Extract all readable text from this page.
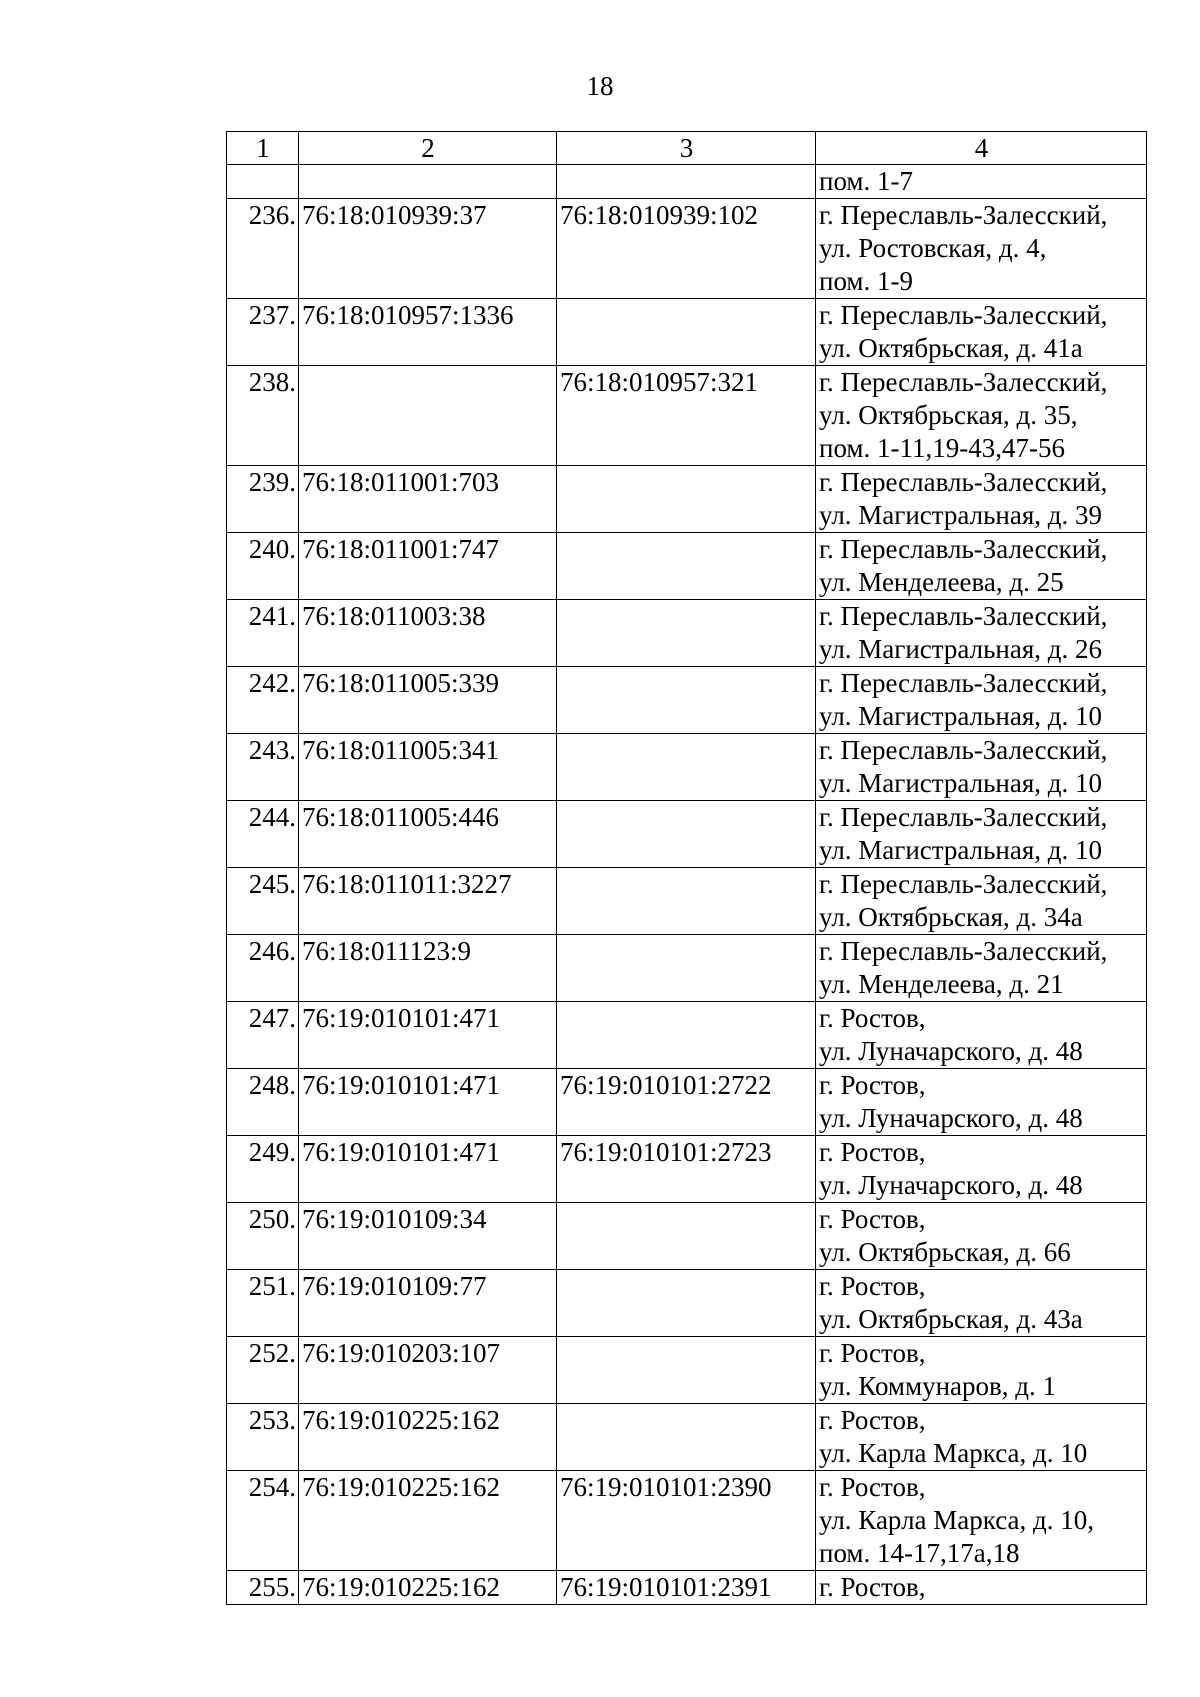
18
1	2	3	4

			пом. 1-7

236.	76:18:010939:37	76:18:010939:102	г. Переславль-Залесский,
ул. Ростовская, д. 4,
пом. 1-9

237.	76:18:010957:1336		г. Переславль-Залесский,
ул. Октябрьская, д. 41а

238.		76:18:010957:321	г. Переславль-Залесский,
ул. Октябрьская, д. 35,
пом. 1-11,19-43,47-56

239.	76:18:011001:703		г. Переславль-Залесский,
ул. Магистральная, д. 39

240.	76:18:011001:747		г. Переславль-Залесский,
ул. Менделеева, д. 25

241.	76:18:011003:38		г. Переславль-Залесский,
ул. Магистральная, д. 26

242.	76:18:011005:339		г. Переславль-Залесский,
ул. Магистральная, д. 10

243.	76:18:011005:341		г. Переславль-Залесский,
ул. Магистральная, д. 10

244.	76:18:011005:446		г. Переславль-Залесский,
ул. Магистральная, д. 10

245.	76:18:011011:3227		г. Переславль-Залесский,
ул. Октябрьская, д. 34а

246.	76:18:011123:9		г. Переславль-Залесский,
ул. Менделеева, д. 21

247.	76:19:010101:471		г. Ростов,
ул. Луначарского, д. 48

248.	76:19:010101:471	76:19:010101:2722	г. Ростов,
ул. Луначарского, д. 48

249.	76:19:010101:471	76:19:010101:2723	г. Ростов,
ул. Луначарского, д. 48

250.	76:19:010109:34		г. Ростов,
ул. Октябрьская, д. 66

251.	76:19:010109:77		г. Ростов,
ул. Октябрьская, д. 43а

252.	76:19:010203:107		г. Ростов,
ул. Коммунаров, д. 1

253.	76:19:010225:162		г. Ростов,
ул. Карла Маркса, д. 10

254.	76:19:010225:162	76:19:010101:2390	г. Ростов,
ул. Карла Маркса, д. 10,
пом. 14-17,17а,18

255.	76:19:010225:162	76:19:010101:2391	г. Ростов,
